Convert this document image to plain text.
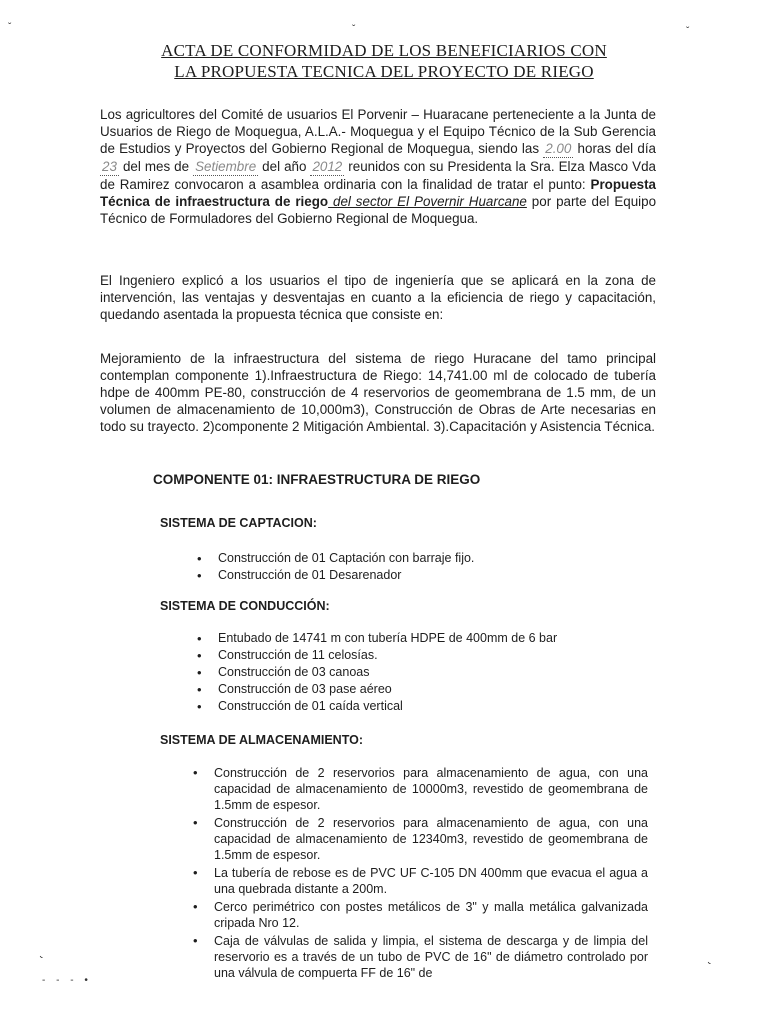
ˇ	ˇ	ˇ
˞
- - - •
˞
ACTA DE CONFORMIDAD DE LOS BENEFICIARIOS CON
LA PROPUESTA TECNICA DEL PROYECTO DE RIEGO
Los agricultores del Comité de usuarios El Porvenir – Huaracane perteneciente a la Junta de Usuarios de Riego de Moquegua, A.L.A.- Moquegua y el Equipo Técnico de la Sub Gerencia de Estudios y Proyectos del Gobierno Regional de Moquegua, siendo las 2.00 horas del día 23 del mes de Setiembre del año 2012 reunidos con su Presidenta la Sra. Elza Masco Vda de Ramirez convocaron a asamblea ordinaria con la finalidad de tratar el punto: Propuesta Técnica de infraestructura de riego del sector El Povernir Huarcane por parte del Equipo Técnico de Formuladores del Gobierno Regional de Moquegua.
El Ingeniero explicó a los usuarios el tipo de ingeniería que se aplicará en la zona de intervención, las ventajas y desventajas en cuanto a la eficiencia de riego y capacitación, quedando asentada la propuesta técnica que consiste en:
Mejoramiento de la infraestructura del sistema de riego Huracane del tamo principal contemplan componente 1).Infraestructura de Riego: 14,741.00 ml de colocado de tubería hdpe de 400mm PE-80, construcción de 4 reservorios de geomembrana de 1.5 mm, de un volumen de almacenamiento de 10,000m3), Construcción de Obras de Arte necesarias en todo su trayecto. 2)componente 2 Mitigación Ambiental. 3).Capacitación y Asistencia Técnica.
COMPONENTE 01: INFRAESTRUCTURA DE RIEGO
SISTEMA DE CAPTACION:
• Construcción de 01 Captación con barraje fijo.
• Construcción de 01 Desarenador
SISTEMA DE CONDUCCIÓN:
• Entubado de 14741 m con tubería HDPE de 400mm de 6 bar
• Construcción de 11 celosías.
• Construcción de 03 canoas
• Construcción de 03 pase aéreo
• Construcción de 01 caída vertical
SISTEMA DE ALMACENAMIENTO:
• Construcción de 2 reservorios para almacenamiento de agua, con una capacidad de almacenamiento de 10000m3, revestido de geomembrana de 1.5mm de espesor.
• Construcción de 2 reservorios para almacenamiento de agua, con una capacidad de almacenamiento de 12340m3, revestido de geomembrana de 1.5mm de espesor.
• La tubería de rebose es de PVC UF C-105 DN 400mm que evacua el agua a una quebrada distante a 200m.
• Cerco perimétrico con postes metálicos de 3" y malla metálica galvanizada cripada Nro 12.
• Caja de válvulas de salida y limpia, el sistema de descarga y de limpia del reservorio es a través de un tubo de PVC de 16" de diámetro controlado por una válvula de compuerta FF de 16" de
